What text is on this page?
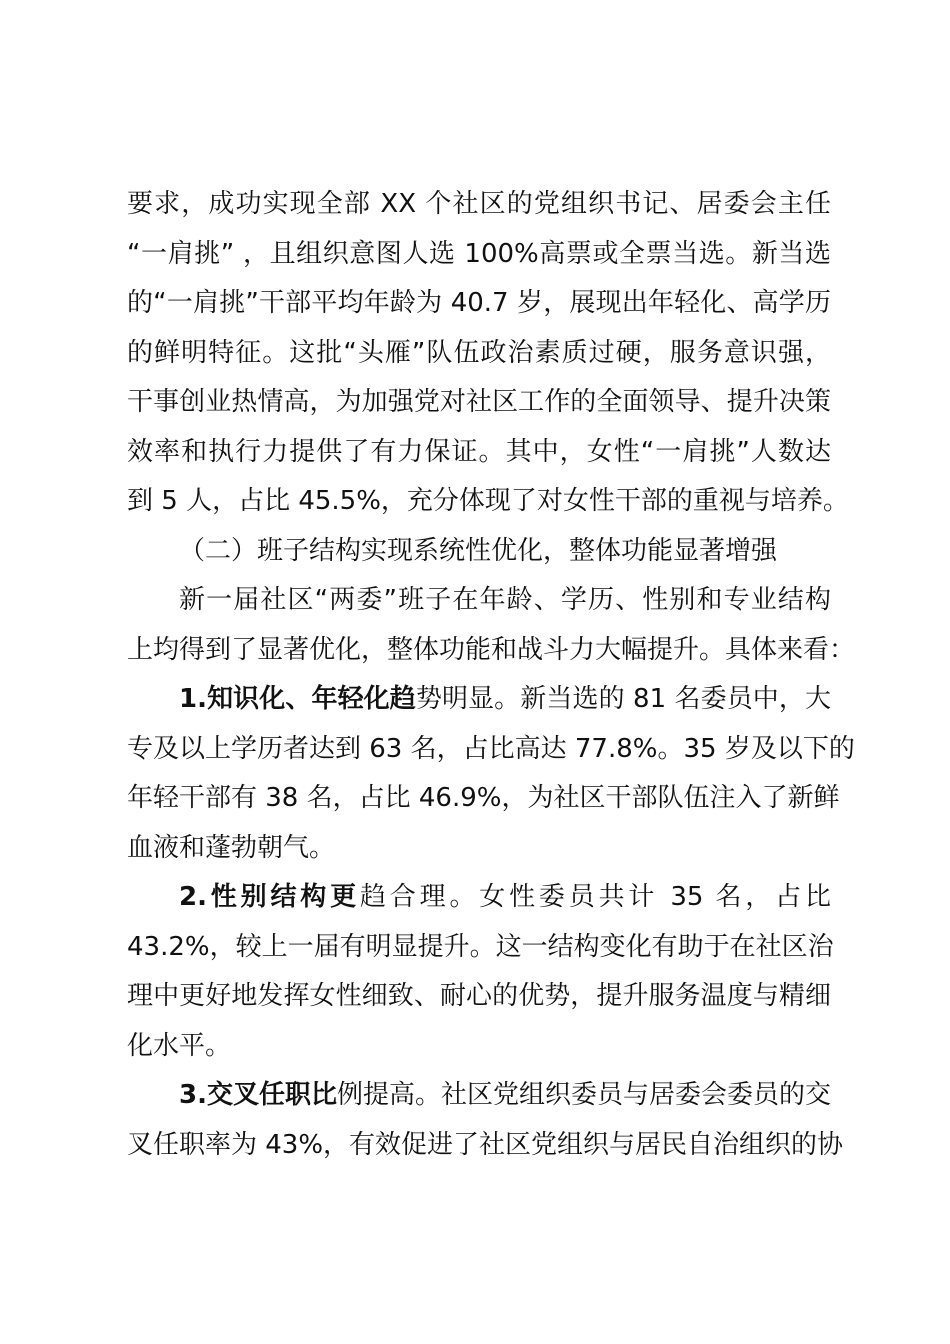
要求，成功实现全部 XX 个社区的党组织书记、居委会主任
“一肩挑” ，且组织意图人选 100%高票或全票当选。新当选
的“一肩挑”干部平均年龄为 40.7 岁，展现出年轻化、高学历
的鲜明特征。这批“头雁”队伍政治素质过硬，服务意识强，
干事创业热情高，为加强党对社区工作的全面领导、提升决策
效率和执行力提供了有力保证。其中，女性“一肩挑”人数达
到 5 人，占比 45.5%，充分体现了对女性干部的重视与培养。
（二）班子结构实现系统性优化，整体功能显著增强
新一届社区“两委”班子在年龄、学历、性别和专业结构
上均得到了显著优化，整体功能和战斗力大幅提升。具体来看：
1.知识化、年轻化趋势明显。新当选的 81 名委员中，大
专及以上学历者达到 63 名，占比高达 77.8%。35 岁及以下的
年轻干部有 38 名，占比 46.9%，为社区干部队伍注入了新鲜
血液和蓬勃朝气。
2.性别结构更趋合理。女性委员共计 35 名，占比
43.2%，较上一届有明显提升。这一结构变化有助于在社区治
理中更好地发挥女性细致、耐心的优势，提升服务温度与精细
化水平。
3.交叉任职比例提高。社区党组织委员与居委会委员的交
叉任职率为 43%，有效促进了社区党组织与居民自治组织的协
